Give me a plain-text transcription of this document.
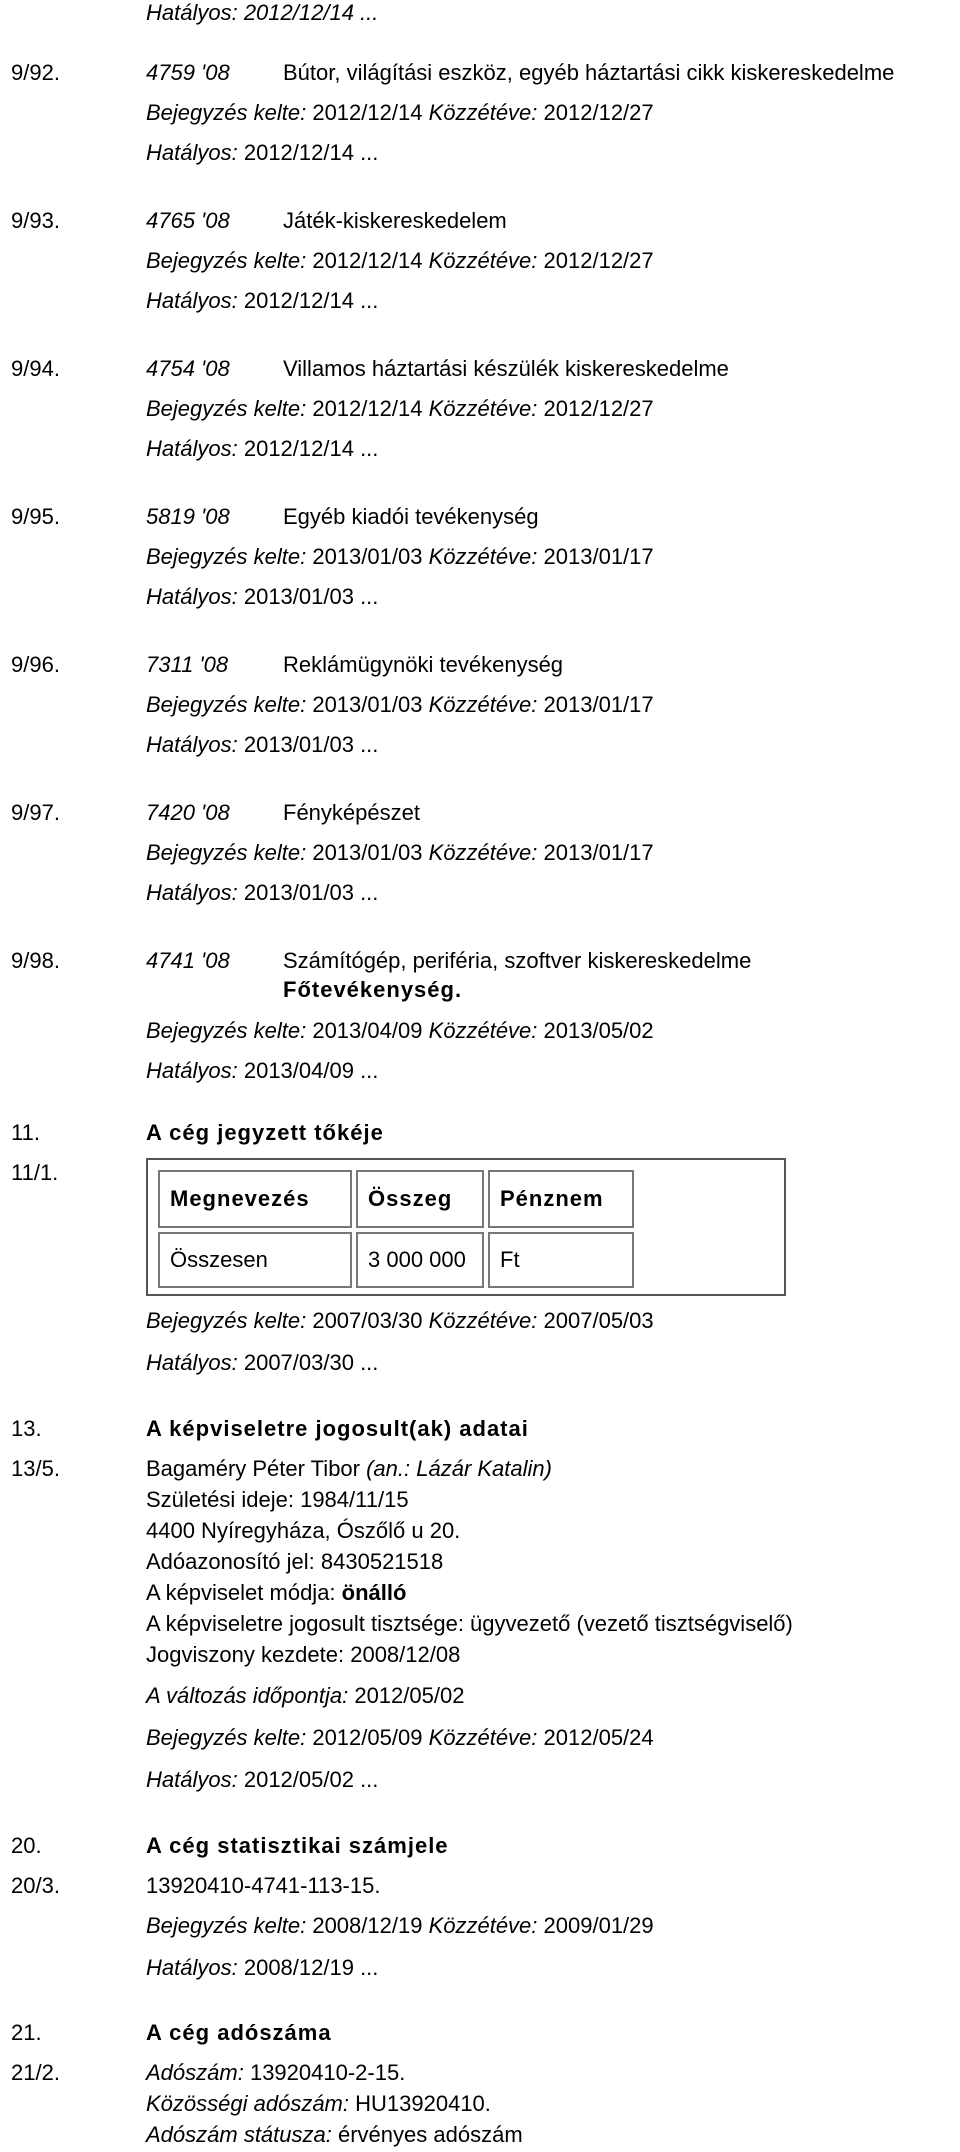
Hatályos: 2012/12/14 ...
9/92.	4759 '08 Bútor, világítási eszköz, egyéb háztartási cikk kiskereskedelme
Bejegyzés kelte: 2012/12/14 Közzétéve: 2012/12/27
Hatályos: 2012/12/14 ...
9/93.	4765 '08 Játék-kiskereskedelem
Bejegyzés kelte: 2012/12/14 Közzétéve: 2012/12/27
Hatályos: 2012/12/14 ...
9/94.	4754 '08 Villamos háztartási készülék kiskereskedelme
Bejegyzés kelte: 2012/12/14 Közzétéve: 2012/12/27
Hatályos: 2012/12/14 ...
9/95.	5819 '08 Egyéb kiadói tevékenység
Bejegyzés kelte: 2013/01/03 Közzétéve: 2013/01/17
Hatályos: 2013/01/03 ...
9/96.	7311 '08 Reklámügynöki tevékenység
Bejegyzés kelte: 2013/01/03 Közzétéve: 2013/01/17
Hatályos: 2013/01/03 ...
9/97.	7420 '08 Fényképészet
Bejegyzés kelte: 2013/01/03 Közzétéve: 2013/01/17
Hatályos: 2013/01/03 ...
9/98.	4741 '08 Számítógép, periféria, szoftver kiskereskedelme
Főtevékenység.
Bejegyzés kelte: 2013/04/09 Közzétéve: 2013/05/02
Hatályos: 2013/04/09 ...
11.	A cég jegyzett tőkéje
11/1.
Megnevezés	Összeg	Pénznem
Összesen	3 000 000	Ft
Bejegyzés kelte: 2007/03/30 Közzétéve: 2007/05/03
Hatályos: 2007/03/30 ...
13.	A képviseletre jogosult(ak) adatai
13/5.	Bagaméry Péter Tibor (an.: Lázár Katalin)
Születési ideje: 1984/11/15
4400 Nyíregyháza, Ószőlő u 20.
Adóazonosító jel: 8430521518
A képviselet módja: önálló
A képviseletre jogosult tisztsége: ügyvezető (vezető tisztségviselő)
Jogviszony kezdete: 2008/12/08
A változás időpontja: 2012/05/02
Bejegyzés kelte: 2012/05/09 Közzétéve: 2012/05/24
Hatályos: 2012/05/02 ...
20.	A cég statisztikai számjele
20/3.	13920410-4741-113-15.
Bejegyzés kelte: 2008/12/19 Közzétéve: 2009/01/29
Hatályos: 2008/12/19 ...
21.	A cég adószáma
21/2.	Adószám: 13920410-2-15.
Közösségi adószám: HU13920410.
Adószám státusza: érvényes adószám
